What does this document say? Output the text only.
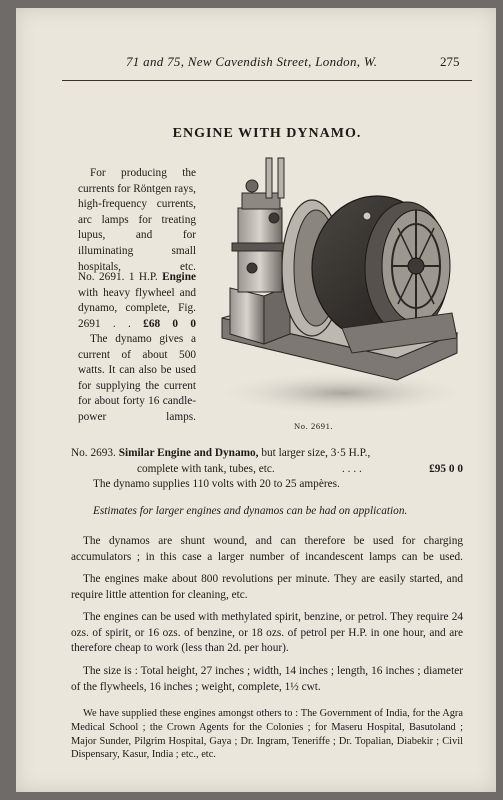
71 and 75, New Cavendish Street, London, W.	275
ENGINE WITH DYNAMO.
For producing the currents for Röntgen rays, high-frequency currents, arc lamps for treating lupus, and for illuminating small hospitals, etc.
No. 2691. 1 H.P. Engine with heavy flywheel and dynamo, complete, Fig. 2691 . . £68 0 0
The dynamo gives a current of about 500 watts. It can also be used for supplying the current for about forty 16 candle-power lamps.
No. 2691.
No. 2693. Similar Engine and Dynamo, but larger size, 3·5 H.P.,
complete with tank, tubes, etc.	. . . .	£95 0 0
The dynamo supplies 110 volts with 20 to 25 ampères.
Estimates for larger engines and dynamos can be had on application.
The dynamos are shunt wound, and can therefore be used for charging accumulators ; in this case a larger number of incandescent lamps can be used.
The engines make about 800 revolutions per minute. They are easily started, and require little attention for cleaning, etc.
The engines can be used with methylated spirit, benzine, or petrol. They require 24 ozs. of spirit, or 16 ozs. of benzine, or 18 ozs. of petrol per H.P. in one hour, and are therefore cheap to work (less than 2d. per hour).
The size is : Total height, 27 inches ; width, 14 inches ; length, 16 inches ; diameter of the flywheels, 16 inches ; weight, complete, 1½ cwt.
We have supplied these engines amongst others to : The Government of India, for the Agra Medical School ; the Crown Agents for the Colonies ; for Maseru Hospital, Basutoland ; Major Sunder, Pilgrim Hospital, Gaya ; Dr. Ingram, Teneriffe ; Dr. Topalian, Diabekir ; Civil Dispensary, Kasur, India ; etc., etc.
